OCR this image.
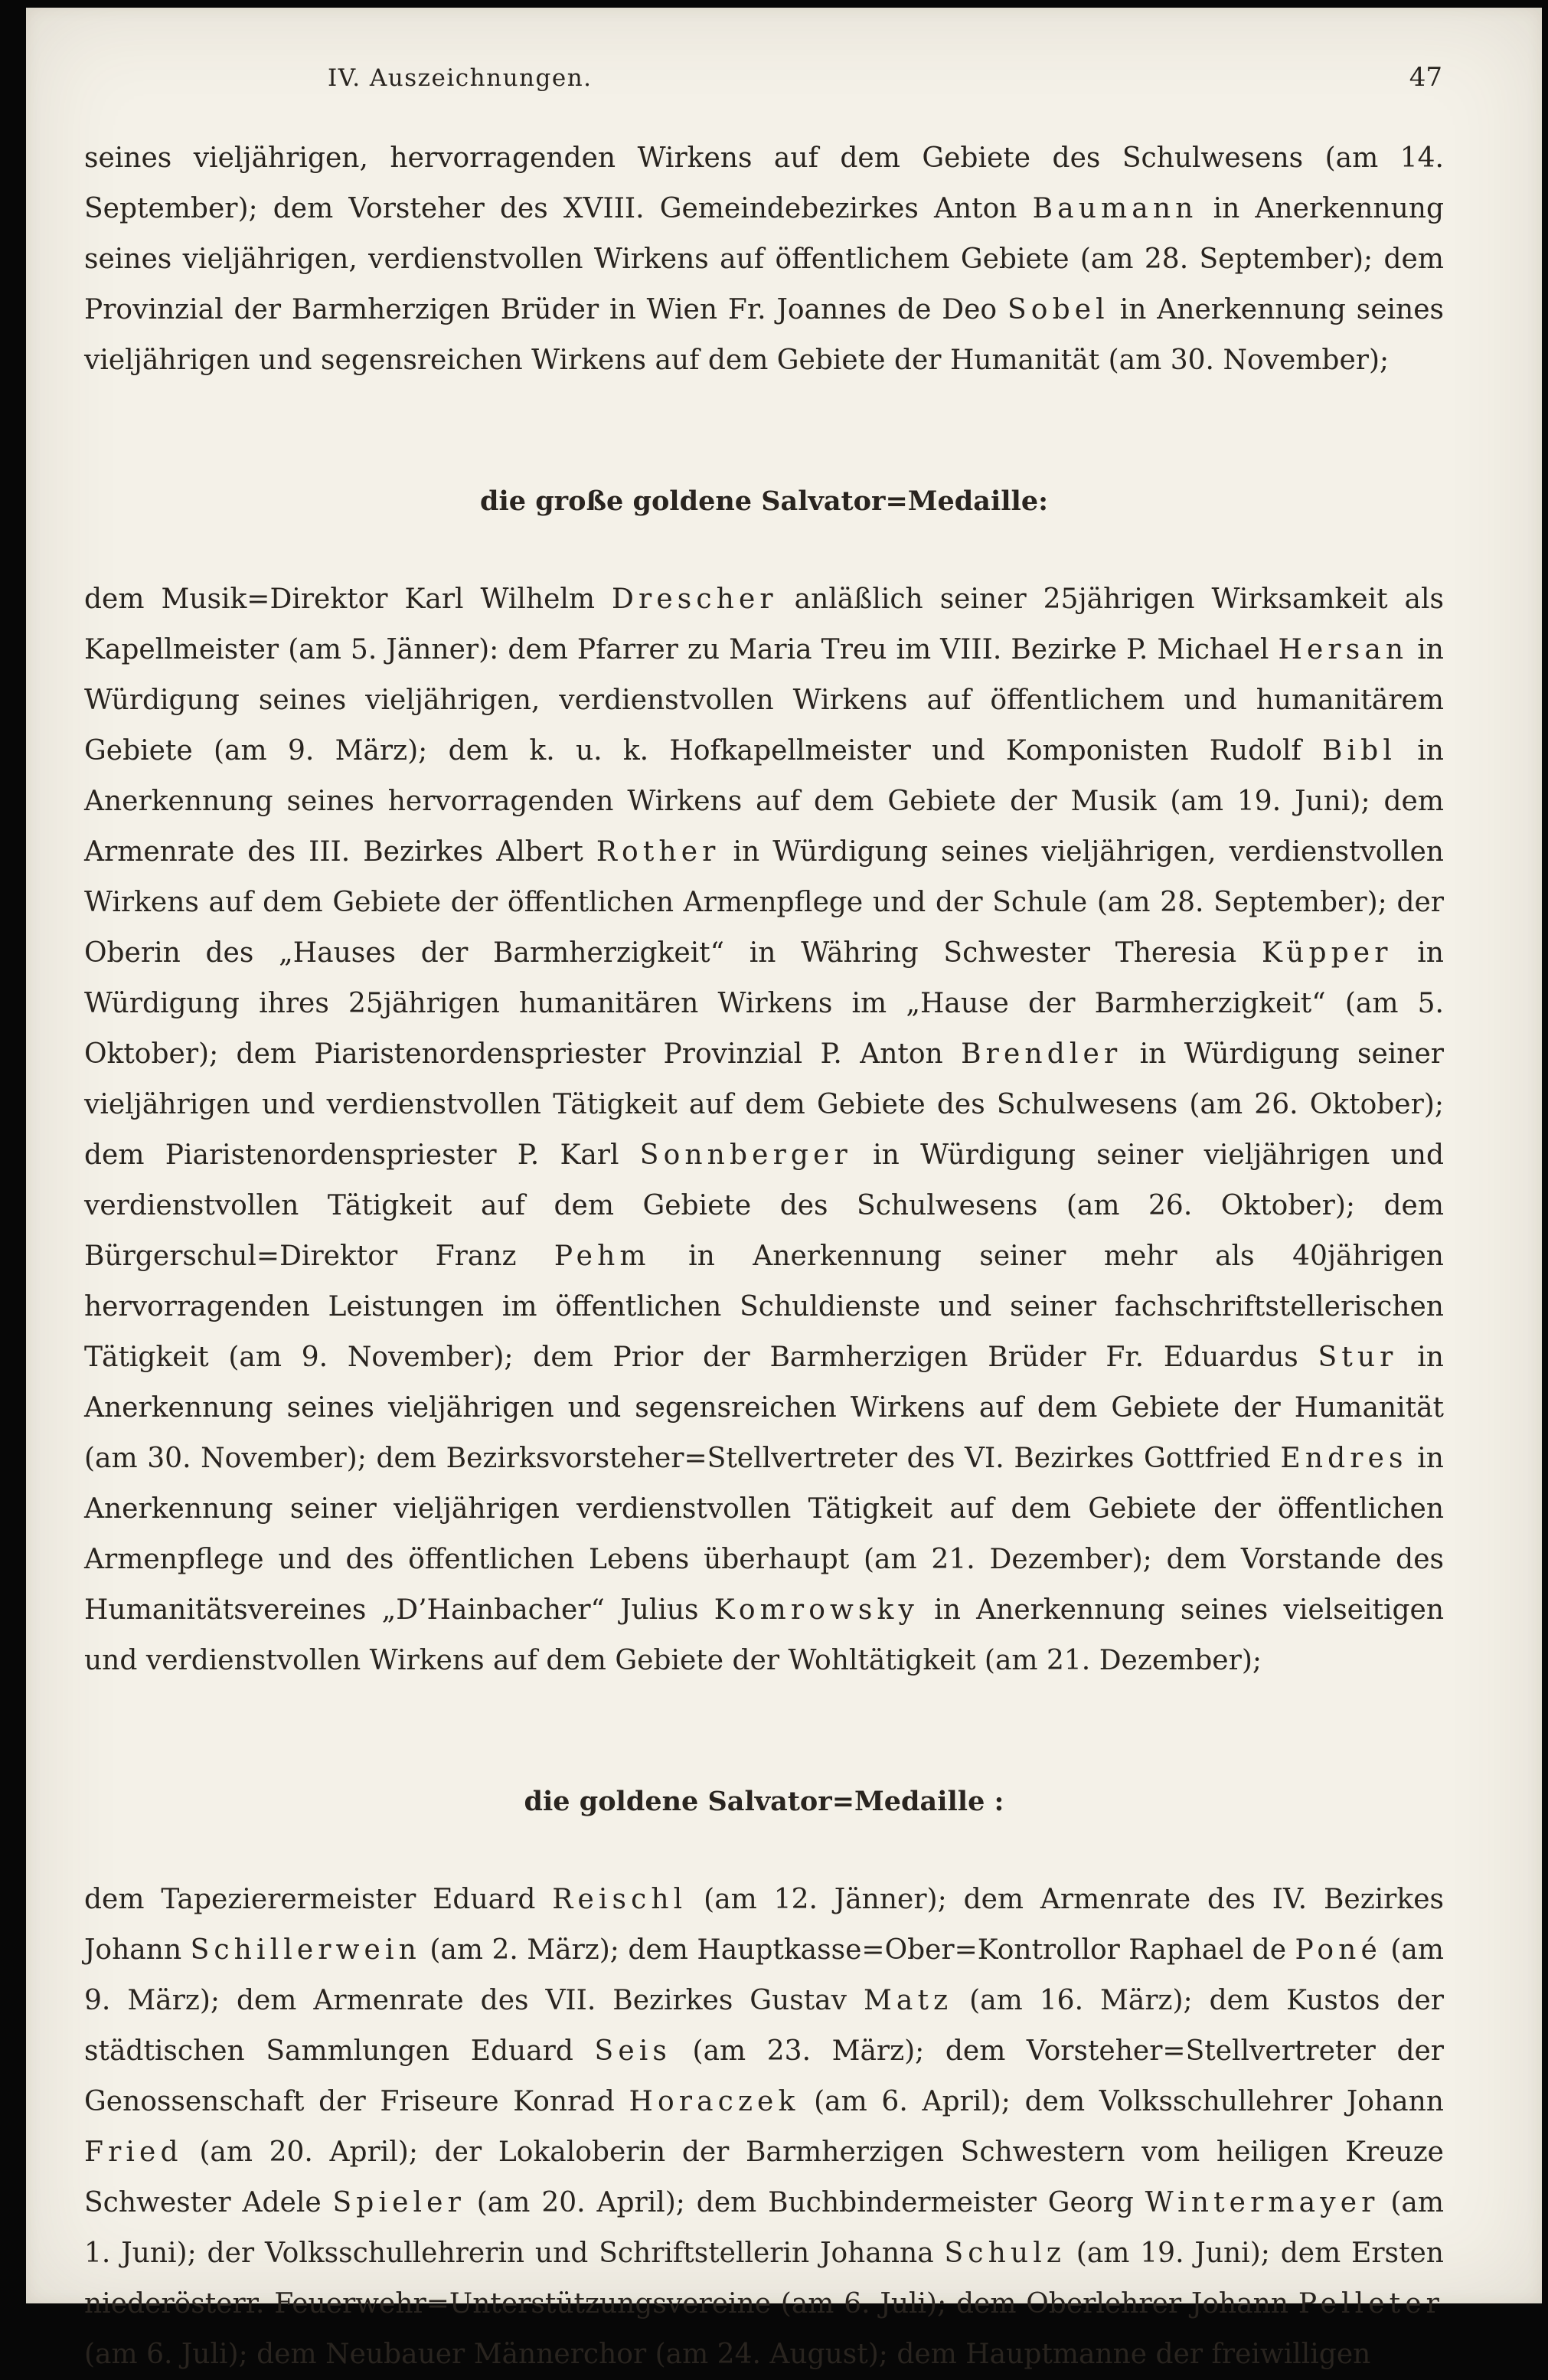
IV. Auszeichnungen.	47
seines vieljährigen, hervorragenden Wirkens auf dem Gebiete des Schulwesens (am 14. September); dem Vorsteher des XVIII. Gemeindebezirkes Anton Baumann in Anerkennung seines vieljährigen, verdienstvollen Wirkens auf öffentlichem Gebiete (am 28. September); dem Provinzial der Barmherzigen Brüder in Wien Fr. Joannes de Deo Sobel in Anerkennung seines vieljährigen und segensreichen Wirkens auf dem Gebiete der Humanität (am 30. November);
die große goldene Salvator=Medaille:
dem Musik=Direktor Karl Wilhelm Drescher anläßlich seiner 25jährigen Wirksamkeit als Kapellmeister (am 5. Jänner): dem Pfarrer zu Maria Treu im VIII. Bezirke P. Michael Hersan in Würdigung seines vieljährigen, verdienstvollen Wirkens auf öffentlichem und humanitärem Gebiete (am 9. März); dem k. u. k. Hofkapellmeister und Komponisten Rudolf Bibl in Anerkennung seines hervorragenden Wirkens auf dem Gebiete der Musik (am 19. Juni); dem Armenrate des III. Bezirkes Albert Rother in Würdigung seines vieljährigen, verdienstvollen Wirkens auf dem Gebiete der öffentlichen Armenpflege und der Schule (am 28. September); der Oberin des „Hauses der Barmherzigkeit“ in Währing Schwester Theresia Küpper in Würdigung ihres 25jährigen humanitären Wirkens im „Hause der Barmherzigkeit“ (am 5. Oktober); dem Piaristenordenspriester Provinzial P. Anton Brendler in Würdigung seiner vieljährigen und verdienstvollen Tätigkeit auf dem Gebiete des Schulwesens (am 26. Oktober); dem Piaristenordenspriester P. Karl Sonnberger in Würdigung seiner vieljährigen und verdienstvollen Tätigkeit auf dem Gebiete des Schulwesens (am 26. Oktober); dem Bürgerschul=Direktor Franz Pehm in Anerkennung seiner mehr als 40jährigen hervorragenden Leistungen im öffentlichen Schuldienste und seiner fachschriftstellerischen Tätigkeit (am 9. November); dem Prior der Barmherzigen Brüder Fr. Eduardus Stur in Anerkennung seines vieljährigen und segensreichen Wirkens auf dem Gebiete der Humanität (am 30. November); dem Bezirksvorsteher=Stellvertreter des VI. Bezirkes Gottfried Endres in Anerkennung seiner vieljährigen verdienstvollen Tätigkeit auf dem Gebiete der öffentlichen Armenpflege und des öffentlichen Lebens überhaupt (am 21. Dezember); dem Vorstande des Humanitätsvereines „D’Hainbacher“ Julius Komrowsky in Anerkennung seines vielseitigen und verdienstvollen Wirkens auf dem Gebiete der Wohltätigkeit (am 21. Dezember);
die goldene Salvator=Medaille :
dem Tapezierermeister Eduard Reischl (am 12. Jänner); dem Armenrate des IV. Bezirkes Johann Schillerwein (am 2. März); dem Hauptkasse=Ober=Kontrollor Raphael de Poné (am 9. März); dem Armenrate des VII. Bezirkes Gustav Matz (am 16. März); dem Kustos der städtischen Sammlungen Eduard Seis (am 23. März); dem Vorsteher=Stellvertreter der Genossenschaft der Friseure Konrad Horaczek (am 6. April); dem Volksschullehrer Johann Fried (am 20. April); der Lokaloberin der Barmherzigen Schwestern vom heiligen Kreuze Schwester Adele Spieler (am 20. April); dem Buchbindermeister Georg Wintermayer (am 1. Juni); der Volksschullehrerin und Schriftstellerin Johanna Schulz (am 19. Juni); dem Ersten niederösterr. Feuerwehr=Unterstützungsvereine (am 6. Juli); dem Oberlehrer Johann Pelleter (am 6. Juli); dem Neubauer Männerchor (am 24. August); dem Hauptmanne der freiwilligen
